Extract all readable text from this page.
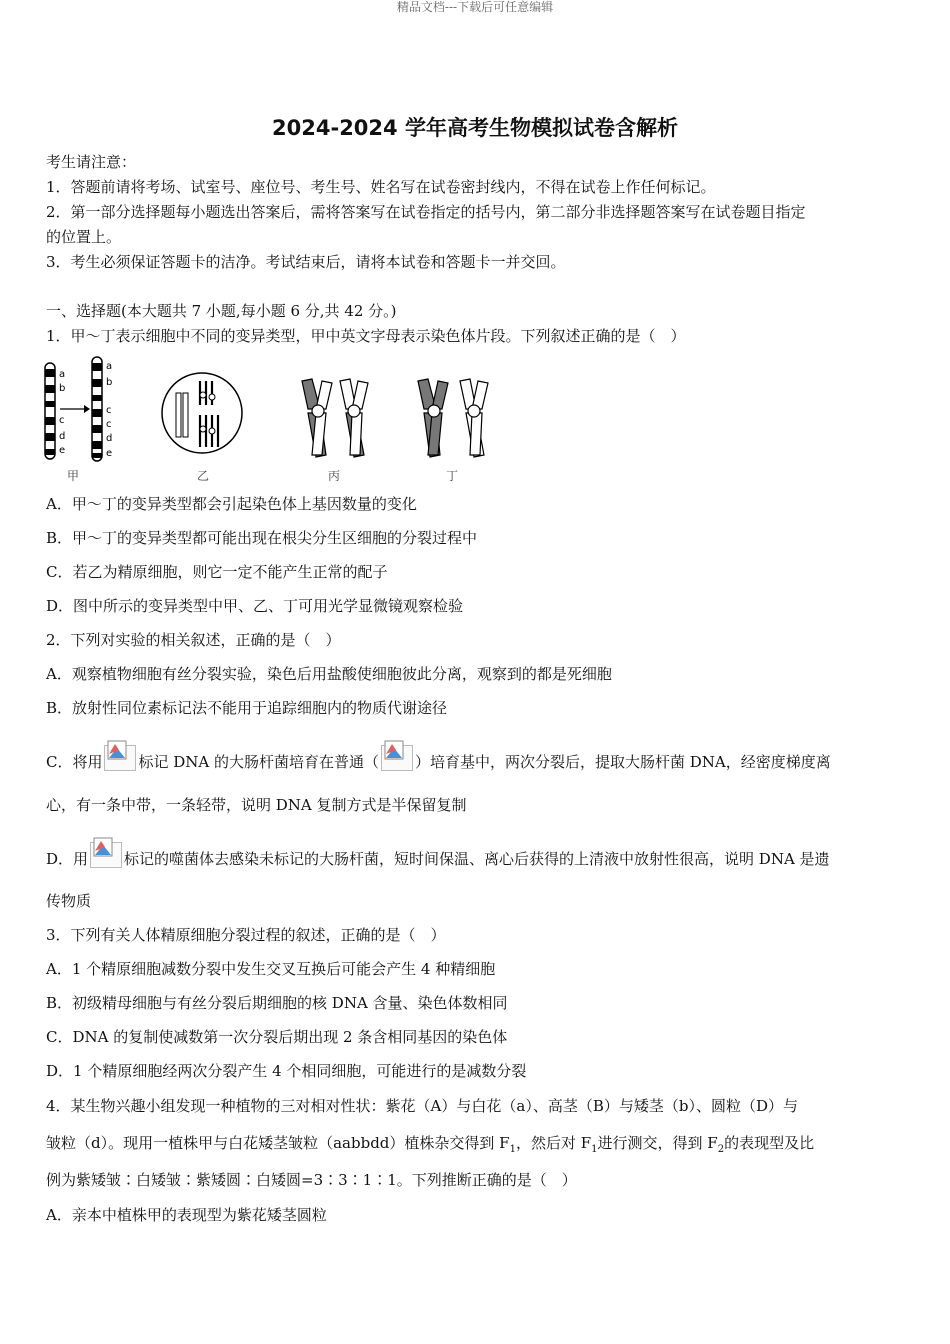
精品文档---下载后可任意编辑
2024-2024 学年高考生物模拟试卷含解析
考生请注意：
1．答题前请将考场、试室号、座位号、考生号、姓名写在试卷密封线内，不得在试卷上作任何标记。
2．第一部分选择题每小题选出答案后，需将答案写在试卷指定的括号内，第二部分非选择题答案写在试卷题目指定
的位置上。
3．考生必须保证答题卡的洁净。考试结束后，请将本试卷和答题卡一并交回。
一、选择题(本大题共 7 小题,每小题 6 分,共 42 分。)
1．甲～丁表示细胞中不同的变异类型，甲中英文字母表示染色体片段。下列叙述正确的是（　）
a
b
c
d
e
a
b
c
c
d
e
甲	乙	丙	丁
A．甲～丁的变异类型都会引起染色体上基因数量的变化
B．甲～丁的变异类型都可能出现在根尖分生区细胞的分裂过程中
C．若乙为精原细胞，则它一定不能产生正常的配子
D．图中所示的变异类型中甲、乙、丁可用光学显微镜观察检验
2．下列对实验的相关叙述，正确的是（　）
A．观察植物细胞有丝分裂实验，染色后用盐酸使细胞彼此分离，观察到的都是死细胞
B．放射性同位素标记法不能用于追踪细胞内的物质代谢途径
C．将用 标记 DNA 的大肠杆菌培育在普通（ ）培育基中，两次分裂后，提取大肠杆菌 DNA，经密度梯度离
心，有一条中带，一条轻带，说明 DNA 复制方式是半保留复制
D．用 标记的噬菌体去感染未标记的大肠杆菌，短时间保温、离心后获得的上清液中放射性很高，说明 DNA 是遗
传物质
3．下列有关人体精原细胞分裂过程的叙述，正确的是（　）
A．1 个精原细胞减数分裂中发生交叉互换后可能会产生 4 种精细胞
B．初级精母细胞与有丝分裂后期细胞的核 DNA 含量、染色体数相同
C．DNA 的复制使减数第一次分裂后期出现 2 条含相同基因的染色体
D．1 个精原细胞经两次分裂产生 4 个相同细胞，可能进行的是减数分裂
4．某生物兴趣小组发现一种植物的三对相对性状：紫花（A）与白花（a）、高茎（B）与矮茎（b）、圆粒（D）与
皱粒（d）。现用一植株甲与白花矮茎皱粒（aabbdd）植株杂交得到 $F_1$，然后对 $F_1$进行测交，得到 $F_2$的表现型及比
例为紫矮皱∶白矮皱∶紫矮圆∶白矮圆=3∶3∶1∶1。下列推断正确的是（　）
A．亲本中植株甲的表现型为紫花矮茎圆粒
